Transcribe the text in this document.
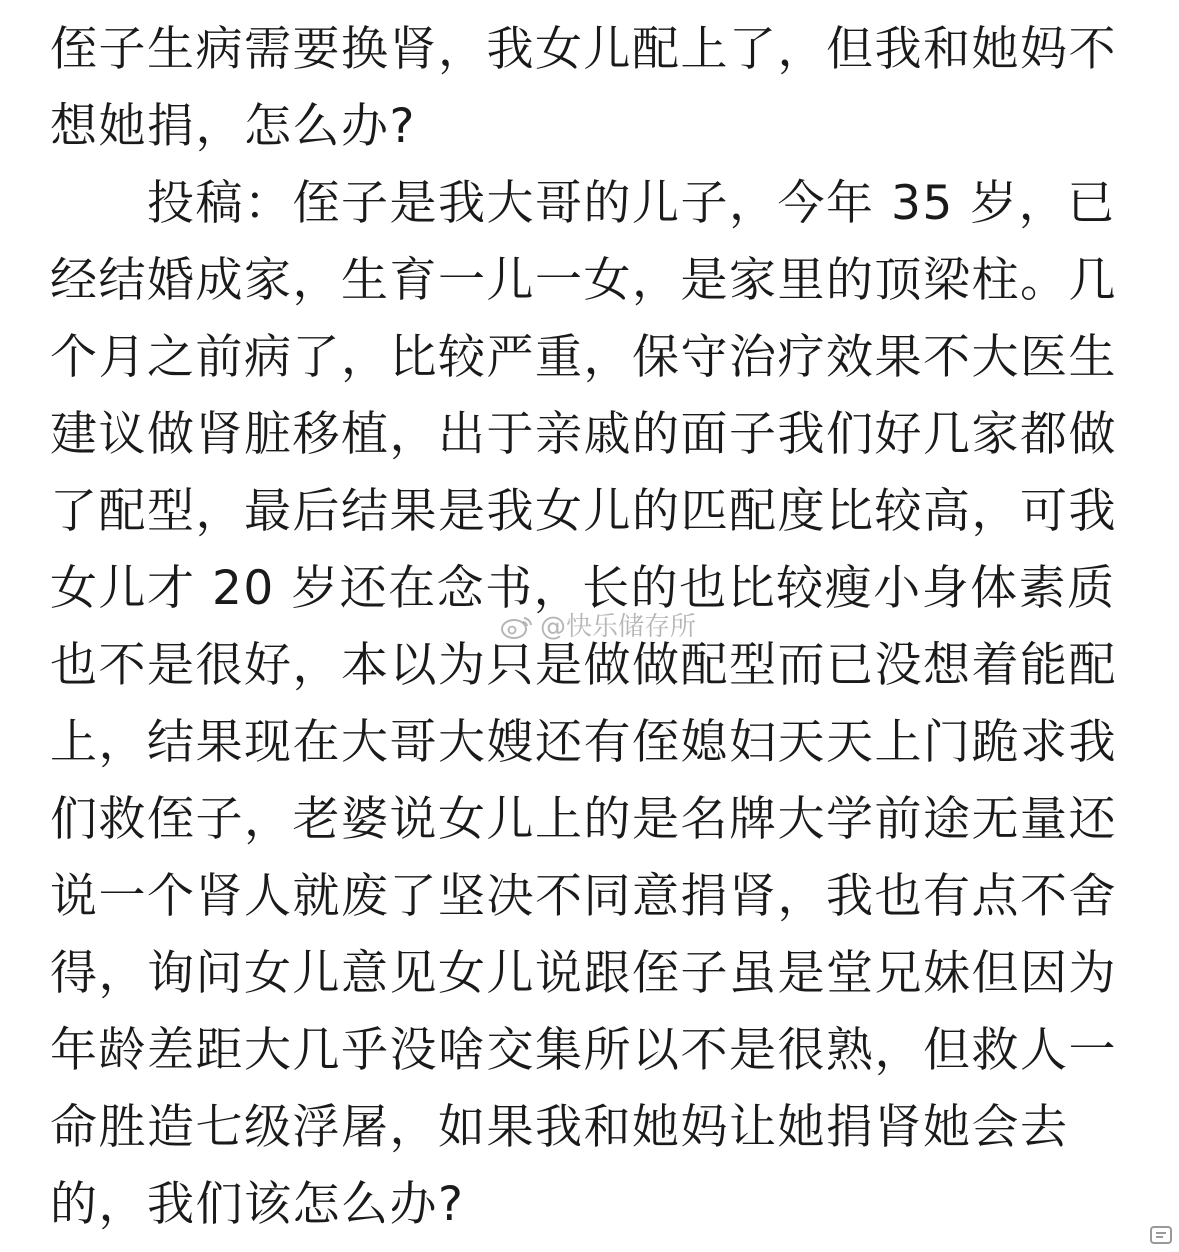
侄子生病需要换肾，我女儿配上了，但我和她妈不
想她捐，怎么办?
　　投稿：侄子是我大哥的儿子，今年 35 岁，已
经结婚成家，生育一儿一女，是家里的顶梁柱。几
个月之前病了，比较严重，保守治疗效果不大医生
建议做肾脏移植，出于亲戚的面子我们好几家都做
了配型，最后结果是我女儿的匹配度比较高，可我
女儿才 20 岁还在念书，长的也比较瘦小身体素质
也不是很好，本以为只是做做配型而已没想着能配
上，结果现在大哥大嫂还有侄媳妇天天上门跪求我
们救侄子，老婆说女儿上的是名牌大学前途无量还
说一个肾人就废了坚决不同意捐肾，我也有点不舍
得，询问女儿意见女儿说跟侄子虽是堂兄妹但因为
年龄差距大几乎没啥交集所以不是很熟，但救人一
命胜造七级浮屠，如果我和她妈让她捐肾她会去
的，我们该怎么办?
@快乐储存所
